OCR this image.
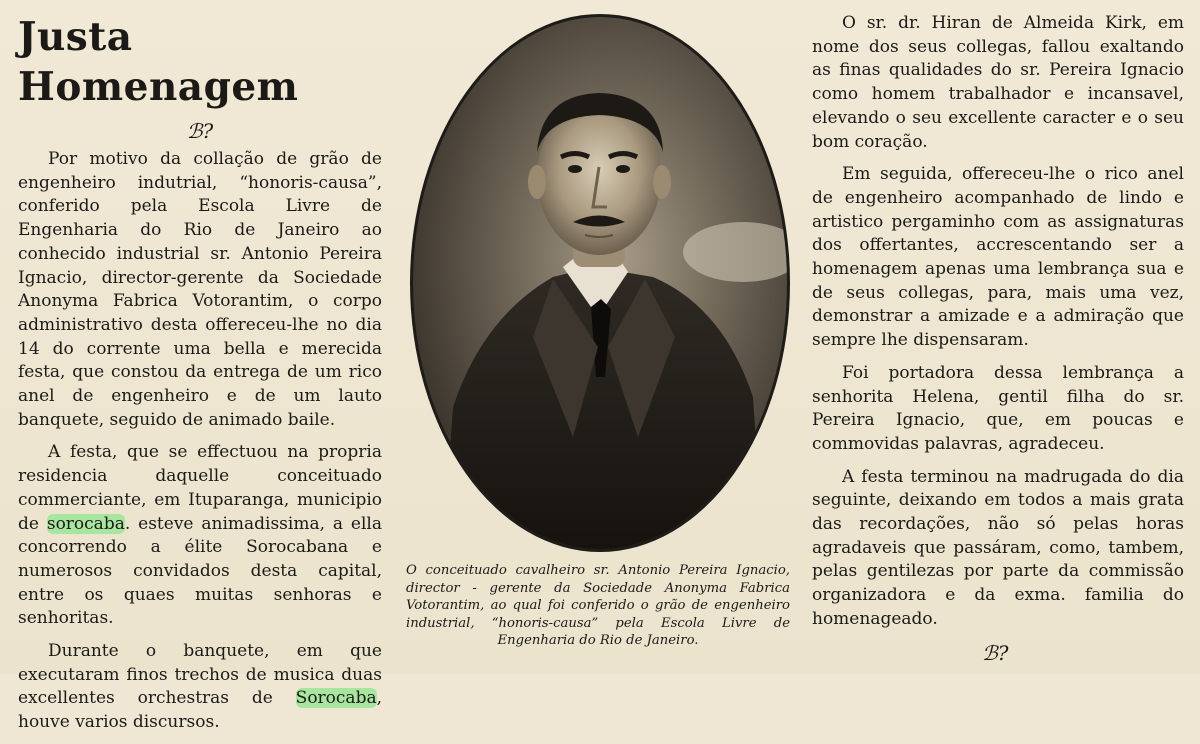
Justa Homenagem
ℬ?

Por motivo da collação de grão de engenheiro indutrial, “honoris-causa”, conferido pela Escola Livre de Engenharia do Rio de Janeiro ao conhecido industrial sr. Antonio Pereira Ignacio, director-gerente da Sociedade Anonyma Fabrica Votorantim, o corpo administrativo desta offereceu-lhe no dia 14 do corrente uma bella e merecida festa, que constou da entrega de um rico anel de engenheiro e de um lauto banquete, seguido de animado baile.

A festa, que se effectuou na propria residencia daquelle conceituado commerciante, em Ituparanga, municipio de sorocaba. esteve animadissima, a ella concorrendo a élite Sorocabana e numerosos convidados desta capital, entre os quaes muitas senhoras e senhoritas.

Durante o banquete, em que executaram finos trechos de musica duas excellentes orchestras de Sorocaba, houve varios discursos.

O conceituado cavalheiro sr. Antonio Pereira Ignacio, director - gerente da Sociedade Anonyma Fabrica Votorantim, ao qual foi conferido o grão de engenheiro industrial, “honoris-causa” pela Escola Livre de Engenharia do Rio de Janeiro.

O sr. dr. Hiran de Almeida Kirk, em nome dos seus collegas, fallou exaltando as finas qualidades do sr. Pereira Ignacio como homem trabalhador e incansavel, elevando o seu excellente caracter e o seu bom coração.

Em seguida, offereceu-lhe o rico anel de engenheiro acompanhado de lindo e artistico pergaminho com as assignaturas dos offertantes, accrescentando ser a homenagem apenas uma lembrança sua e de seus collegas, para, mais uma vez, demonstrar a amizade e a admiração que sempre lhe dispensaram.

Foi portadora dessa lembrança a senhorita Helena, gentil filha do sr. Pereira Ignacio, que, em poucas e commovidas palavras, agradeceu.

A festa terminou na madrugada do dia seguinte, deixando em todos a mais grata das recordações, não só pelas horas agradaveis que passáram, como, tambem, pelas gentilezas por parte da commissão organizadora e da exma. familia do homenageado.

ℬ?
